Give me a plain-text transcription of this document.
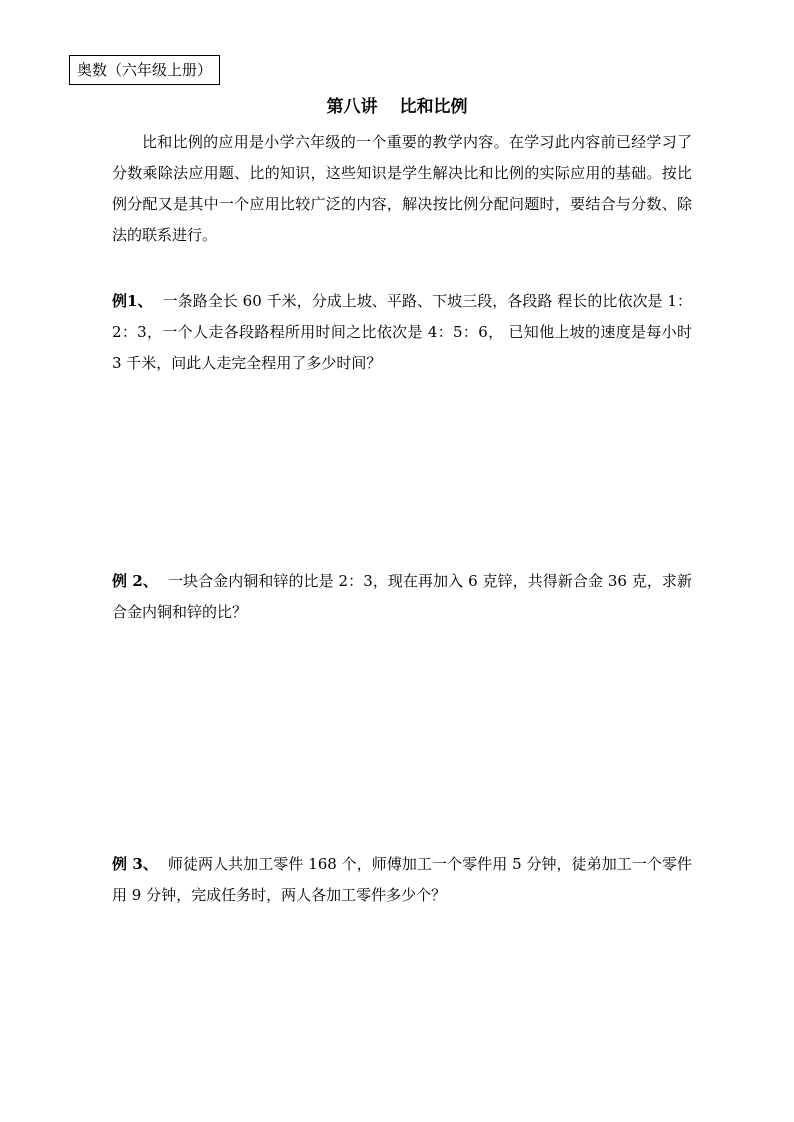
奥数（六年级上册）
第八讲 比和比例

比和比例的应用是小学六年级的一个重要的教学内容。在学习此内容前已经学习了分数乘除法应用题、比的知识，这些知识是学生解决比和比例的实际应用的基础。按比例分配又是其中一个应用比较广泛的内容，解决按比例分配问题时，要结合与分数、除法的联系进行。

例1、 一条路全长 60 千米，分成上坡、平路、下坡三段，各段路 程长的比依次是 1：2：3，一个人走各段路程所用时间之比依次是 4：5：6， 已知他上坡的速度是每小时 3 千米，问此人走完全程用了多少时间？

例 2、 一块合金内铜和锌的比是 2：3，现在再加入 6 克锌，共得新合金 36 克，求新合金内铜和锌的比？

例 3、 师徒两人共加工零件 168 个，师傅加工一个零件用 5 分钟，徒弟加工一个零件用 9 分钟，完成任务时，两人各加工零件多少个？
